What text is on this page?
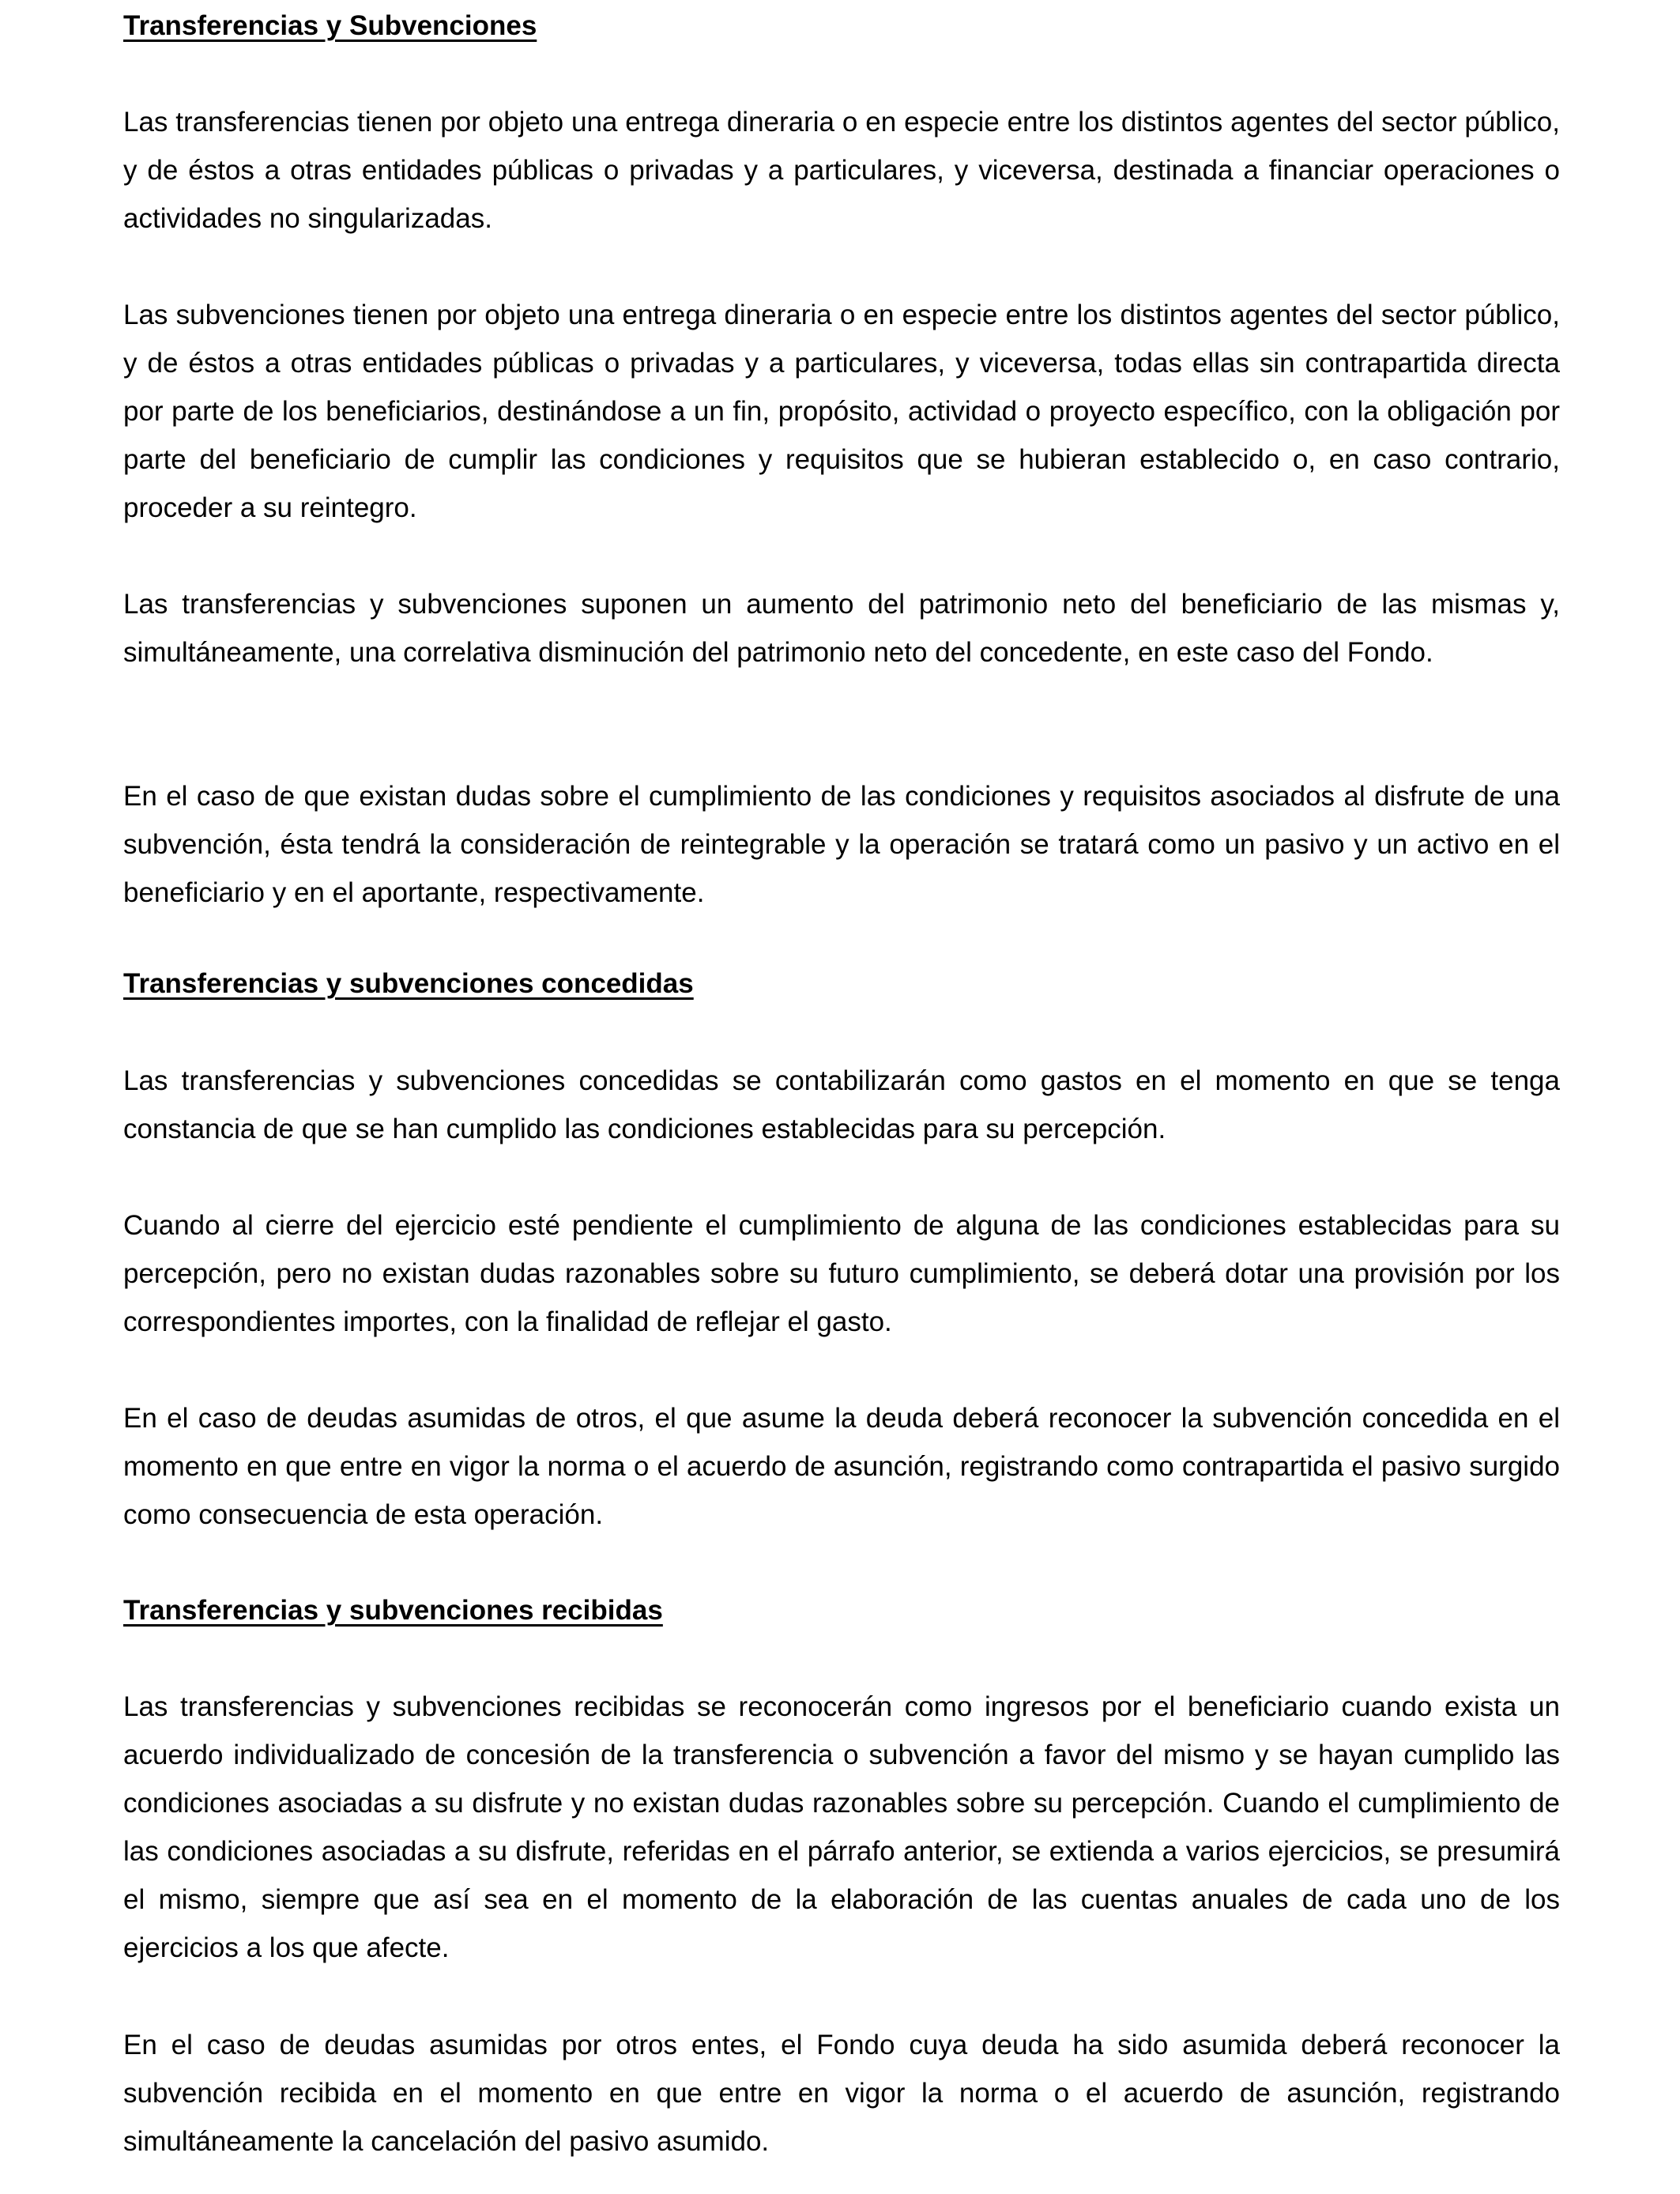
Transferencias y Subvenciones

Las transferencias tienen por objeto una entrega dineraria o en especie entre los distintos agentes del sector público, y de éstos a otras entidades públicas o privadas y a particulares, y viceversa, destinada a financiar operaciones o actividades no singularizadas.

Las subvenciones tienen por objeto una entrega dineraria o en especie entre los distintos agentes del sector público, y de éstos a otras entidades públicas o privadas y a particulares, y viceversa, todas ellas sin contrapartida directa por parte de los beneficiarios, destinándose a un fin, propósito, actividad o proyecto específico, con la obligación por parte del beneficiario de cumplir las condiciones y requisitos que se hubieran establecido o, en caso contrario, proceder a su reintegro.

Las transferencias y subvenciones suponen un aumento del patrimonio neto del beneficiario de las mismas y, simultáneamente, una correlativa disminución del patrimonio neto del concedente, en este caso del Fondo.

En el caso de que existan dudas sobre el cumplimiento de las condiciones y requisitos asociados al disfrute de una subvención, ésta tendrá la consideración de reintegrable y la operación se tratará como un pasivo y un activo en el beneficiario y en el aportante, respectivamente.

Transferencias y subvenciones concedidas

Las transferencias y subvenciones concedidas se contabilizarán como gastos en el momento en que se tenga constancia de que se han cumplido las condiciones establecidas para su percepción.

Cuando al cierre del ejercicio esté pendiente el cumplimiento de alguna de las condiciones establecidas para su percepción, pero no existan dudas razonables sobre su futuro cumplimiento, se deberá dotar una provisión por los correspondientes importes, con la finalidad de reflejar el gasto.

En el caso de deudas asumidas de otros, el que asume la deuda deberá reconocer la subvención concedida en el momento en que entre en vigor la norma o el acuerdo de asunción, registrando como contrapartida el pasivo surgido como consecuencia de esta operación.

Transferencias y subvenciones recibidas

Las transferencias y subvenciones recibidas se reconocerán como ingresos por el beneficiario cuando exista un acuerdo individualizado de concesión de la transferencia o subvención a favor del mismo y se hayan cumplido las condiciones asociadas a su disfrute y no existan dudas razonables sobre su percepción. Cuando el cumplimiento de las condiciones asociadas a su disfrute, referidas en el párrafo anterior, se extienda a varios ejercicios, se presumirá el mismo, siempre que así sea en el momento de la elaboración de las cuentas anuales de cada uno de los ejercicios a los que afecte.

En el caso de deudas asumidas por otros entes, el Fondo cuya deuda ha sido asumida deberá reconocer la subvención recibida en el momento en que entre en vigor la norma o el acuerdo de asunción, registrando simultáneamente la cancelación del pasivo asumido.
